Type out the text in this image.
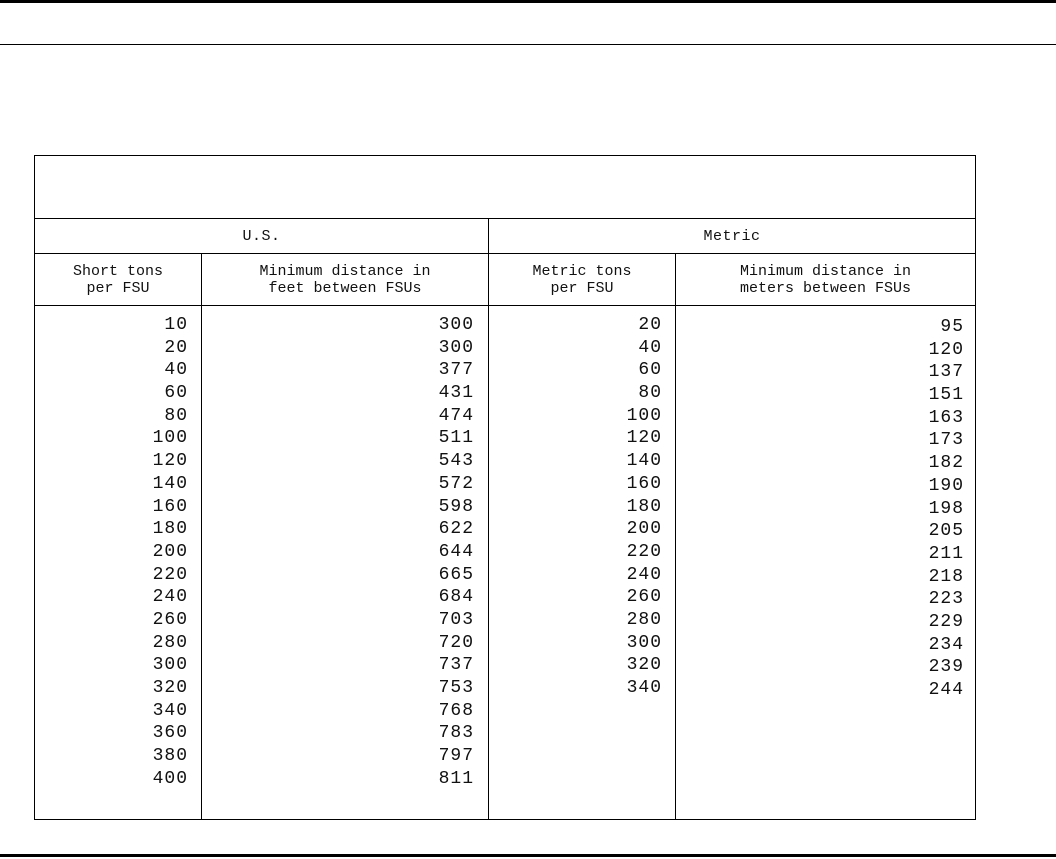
U.S.	Metric
Short tons
per FSU
Minimum distance in
feet between FSUs
Metric tons
per FSU
Minimum distance in
meters between FSUs
10
20
40
60
80
100
120
140
160
180
200
220
240
260
280
300
320
340
360
380
400
300
300
377
431
474
511
543
572
598
622
644
665
684
703
720
737
753
768
783
797
811
20
40
60
80
100
120
140
160
180
200
220
240
260
280
300
320
340
95
120
137
151
163
173
182
190
198
205
211
218
223
229
234
239
244
